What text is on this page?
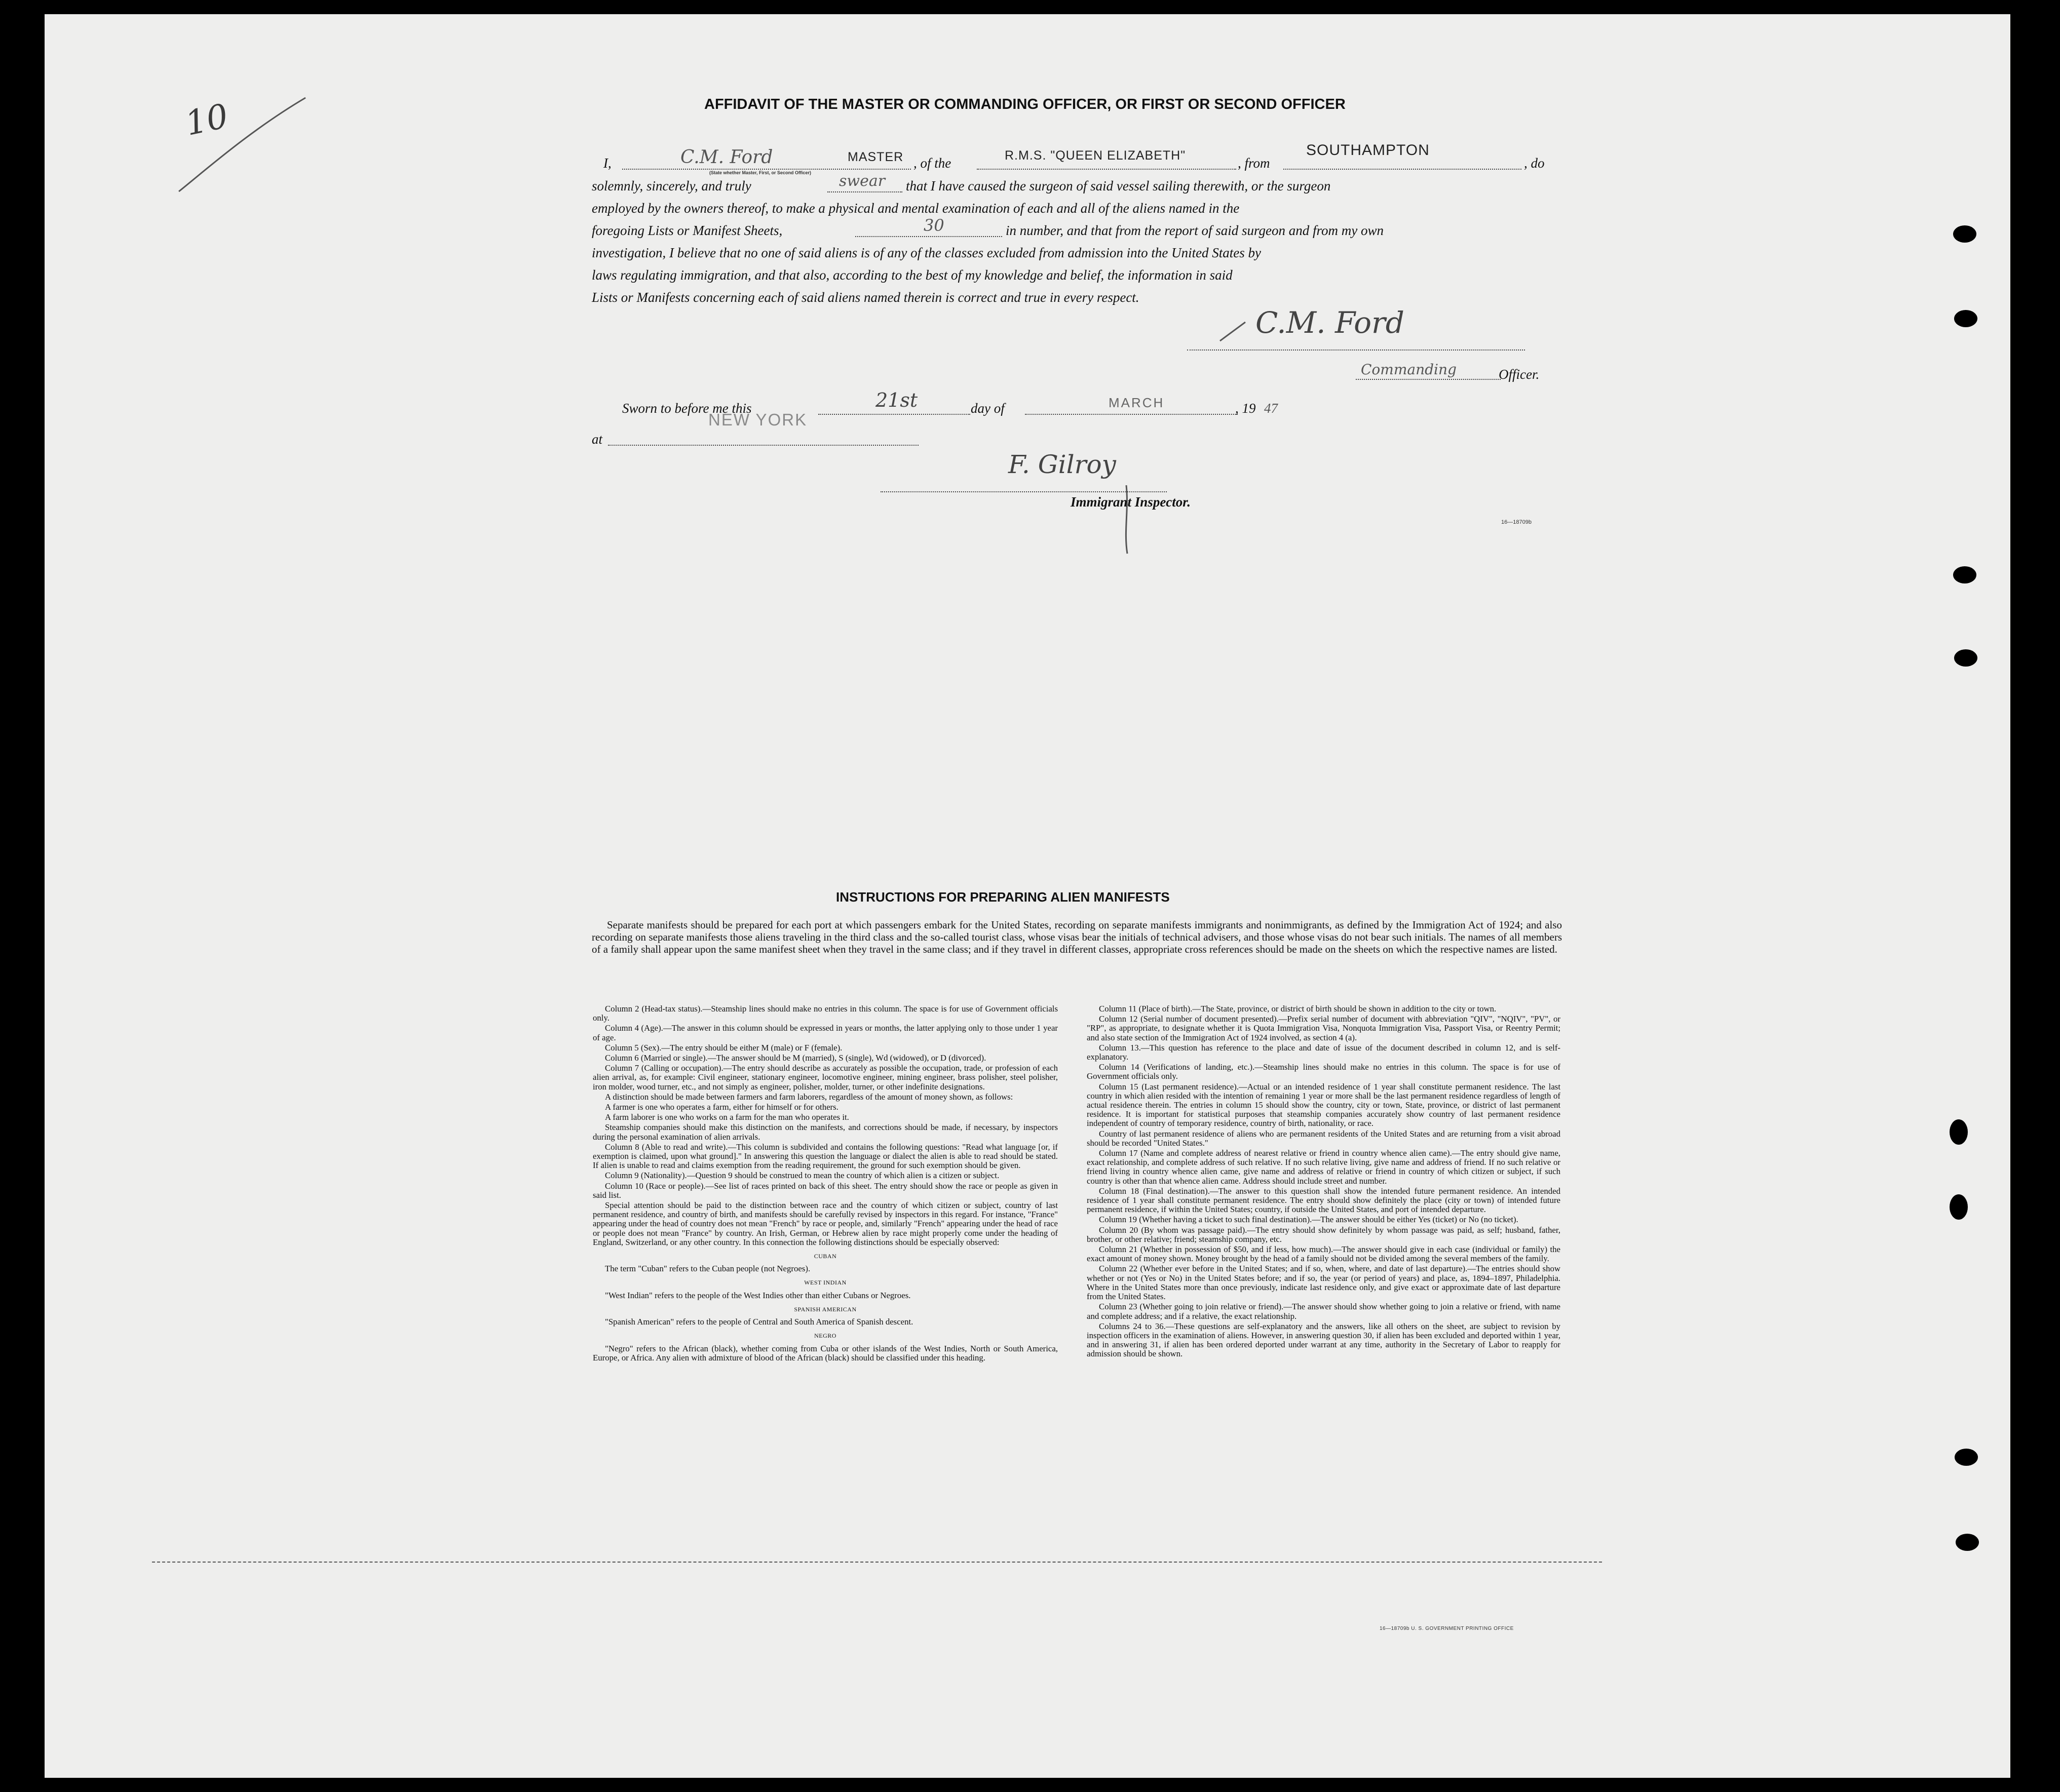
10	AFFIDAVIT OF THE MASTER OR COMMANDING OFFICER, OR FIRST OR SECOND OFFICER
I,	C.M. Ford	MASTER
(State whether Master, First, or Second Officer)
, of the	R.M.S. "QUEEN ELIZABETH"	, from
SOUTHAMPTON
, do
solemnly, sincerely, and truly	swear that I have caused the surgeon of said vessel sailing therewith, or the surgeon
employed by the owners thereof, to make a physical and mental examination of each and all of the aliens named in the
foregoing Lists or Manifest Sheets,	30	in number, and that from the report of said surgeon and from my own
investigation, I believe that no one of said aliens is of any of the classes excluded from admission into the United States by
laws regulating immigration, and that also, according to the best of my knowledge and belief, the information in said
Lists or Manifests concerning each of said aliens named therein is correct and true in every respect.
C.M. Ford
Commanding	Officer.
Sworn to before me this	21st	day of	MARCH	, 19 47
NEW YORK
at
F. Gilroy
Immigrant Inspector.
16—18709b
INSTRUCTIONS FOR PREPARING ALIEN MANIFESTS
Separate manifests should be prepared for each port at which passengers embark for the United States, recording on separate manifests immigrants and nonimmigrants, as defined by the Immigration Act of 1924; and also recording on separate manifests those aliens traveling in the third class and the so-called tourist class, whose visas bear the initials of technical advisers, and those whose visas do not bear such initials. The names of all members of a family shall appear upon the same manifest sheet when they travel in the same class; and if they travel in different classes, appropriate cross references should be made on the sheets on which the respective names are listed.

Column 2 (Head-tax status).—Steamship lines should make no entries in this column. The space is for use of Government officials only.

Column 4 (Age).—The answer in this column should be expressed in years or months, the latter applying only to those under 1 year of age.

Column 5 (Sex).—The entry should be either M (male) or F (female).

Column 6 (Married or single).—The answer should be M (married), S (single), Wd (widowed), or D (divorced).

Column 7 (Calling or occupation).—The entry should describe as accurately as possible the occupation, trade, or profession of each alien arrival, as, for example: Civil engineer, stationary engineer, locomotive engineer, mining engineer, brass polisher, steel polisher, iron molder, wood turner, etc., and not simply as engineer, polisher, molder, turner, or other indefinite designations.

A distinction should be made between farmers and farm laborers, regardless of the amount of money shown, as follows:

A farmer is one who operates a farm, either for himself or for others.

A farm laborer is one who works on a farm for the man who operates it.

Steamship companies should make this distinction on the manifests, and corrections should be made, if necessary, by inspectors during the personal examination of alien arrivals.

Column 8 (Able to read and write).—This column is subdivided and contains the following questions: "Read what language [or, if exemption is claimed, upon what ground]." In answering this question the language or dialect the alien is able to read should be stated. If alien is unable to read and claims exemption from the reading requirement, the ground for such exemption should be given.

Column 9 (Nationality).—Question 9 should be construed to mean the country of which alien is a citizen or subject.

Column 10 (Race or people).—See list of races printed on back of this sheet. The entry should show the race or people as given in said list.

Special attention should be paid to the distinction between race and the country of which citizen or subject, country of last permanent residence, and country of birth, and manifests should be carefully revised by inspectors in this regard. For instance, "France" appearing under the head of country does not mean "French" by race or people, and, similarly "French" appearing under the head of race or people does not mean "France" by country. An Irish, German, or Hebrew alien by race might properly come under the heading of England, Switzerland, or any other country. In this connection the following distinctions should be especially observed:

CUBAN

The term "Cuban" refers to the Cuban people (not Negroes).

WEST INDIAN

"West Indian" refers to the people of the West Indies other than either Cubans or Negroes.

SPANISH AMERICAN

"Spanish American" refers to the people of Central and South America of Spanish descent.

NEGRO

"Negro" refers to the African (black), whether coming from Cuba or other islands of the West Indies, North or South America, Europe, or Africa. Any alien with admixture of blood of the African (black) should be classified under this heading.

Column 11 (Place of birth).—The State, province, or district of birth should be shown in addition to the city or town.

Column 12 (Serial number of document presented).—Prefix serial number of document with abbreviation "QIV", "NQIV", "PV", or "RP", as appropriate, to designate whether it is Quota Immigration Visa, Nonquota Immigration Visa, Passport Visa, or Reentry Permit; and also state section of the Immigration Act of 1924 involved, as section 4 (a).

Column 13.—This question has reference to the place and date of issue of the document described in column 12, and is self-explanatory.

Column 14 (Verifications of landing, etc.).—Steamship lines should make no entries in this column. The space is for use of Government officials only.

Column 15 (Last permanent residence).—Actual or an intended residence of 1 year shall constitute permanent residence. The last country in which alien resided with the intention of remaining 1 year or more shall be the last permanent residence regardless of length of actual residence therein. The entries in column 15 should show the country, city or town, State, province, or district of last permanent residence. It is important for statistical purposes that steamship companies accurately show country of last permanent residence independent of country of temporary residence, country of birth, nationality, or race.

Country of last permanent residence of aliens who are permanent residents of the United States and are returning from a visit abroad should be recorded "United States."

Column 17 (Name and complete address of nearest relative or friend in country whence alien came).—The entry should give name, exact relationship, and complete address of such relative. If no such relative living, give name and address of friend. If no such relative or friend living in country whence alien came, give name and address of relative or friend in country of which citizen or subject, if such country is other than that whence alien came. Address should include street and number.

Column 18 (Final destination).—The answer to this question shall show the intended future permanent residence. An intended residence of 1 year shall constitute permanent residence. The entry should show definitely the place (city or town) of intended future permanent residence, if within the United States; country, if outside the United States, and port of intended departure.

Column 19 (Whether having a ticket to such final destination).—The answer should be either Yes (ticket) or No (no ticket).

Column 20 (By whom was passage paid).—The entry should show definitely by whom passage was paid, as self; husband, father, brother, or other relative; friend; steamship company, etc.

Column 21 (Whether in possession of $50, and if less, how much).—The answer should give in each case (individual or family) the exact amount of money shown. Money brought by the head of a family should not be divided among the several members of the family.

Column 22 (Whether ever before in the United States; and if so, when, where, and date of last departure).—The entries should show whether or not (Yes or No) in the United States before; and if so, the year (or period of years) and place, as, 1894–1897, Philadelphia. Where in the United States more than once previously, indicate last residence only, and give exact or approximate date of last departure from the United States.

Column 23 (Whether going to join relative or friend).—The answer should show whether going to join a relative or friend, with name and complete address; and if a relative, the exact relationship.

Columns 24 to 36.—These questions are self-explanatory and the answers, like all others on the sheet, are subject to revision by inspection officers in the examination of aliens. However, in answering question 30, if alien has been excluded and deported within 1 year, and in answering 31, if alien has been ordered deported under warrant at any time, authority in the Secretary of Labor to reapply for admission should be shown.

16—18709b U. S. GOVERNMENT PRINTING OFFICE
